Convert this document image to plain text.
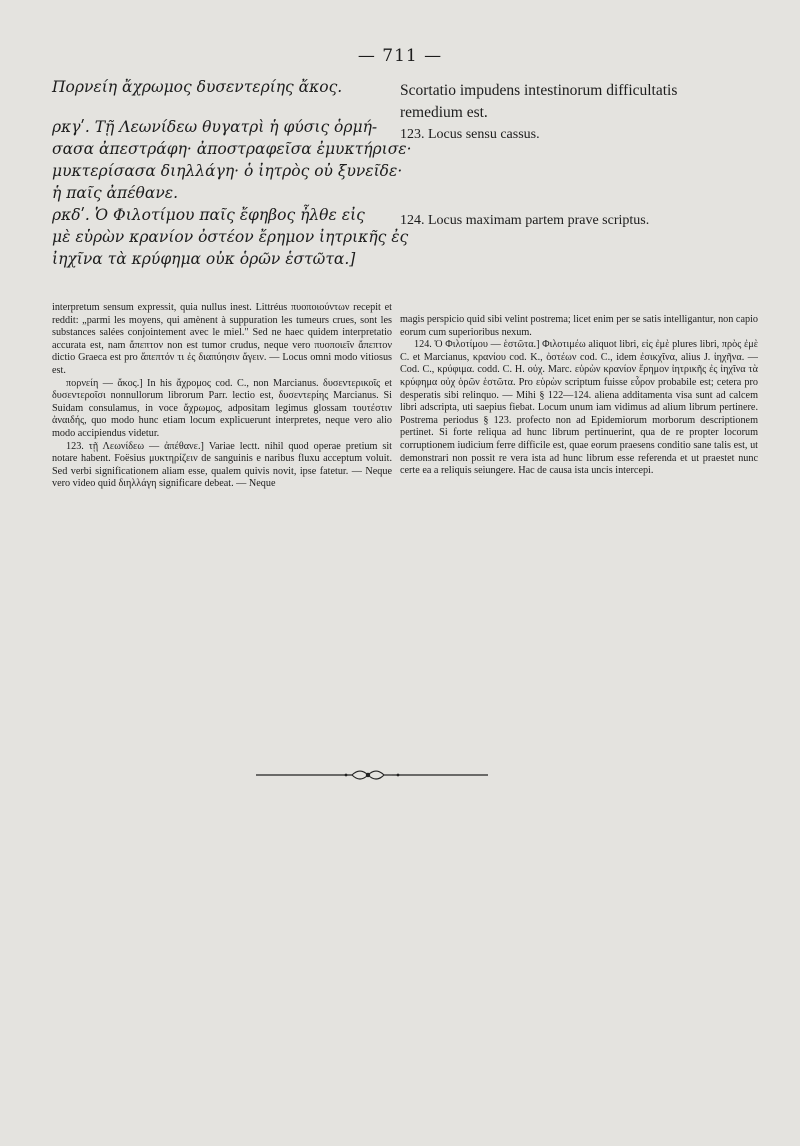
— 711 —
Πορνείη ἄχρωμος δυσεντερίης ἄκος.
ρκγʹ. Τῇ Λεωνίδεω θυγατρὶ ἡ φύσις ὁρμή-
σασα ἀπεστράφη· ἀποστραφεῖσα ἐμυκτήρισε·
μυκτερίσασα διηλλάγη· ὁ ἰητρὸς οὐ ξυνεῖδε·
ἡ παῖς ἀπέθανε.
ρκδʹ. Ὁ Φιλοτίμου παῖς ἔφηβος ἦλθε εἰς
μὲ εὑρὼν κρανίον ὀστέον ἔρημον ἰητρικῆς ἐς
ἰηχῖνα τὰ κρύφημα οὐκ ὁρῶν ἑστῶτα.]

interpretum sensum expressit, quia nullus inest. Littréus πυοποιούντων recepit et reddit: „parmi les moyens, qui amènent à suppuration les tumeurs crues, sont les substances salées conjointement avec le miel." Sed ne haec quidem interpretatio accurata est, nam ἄπεπτον non est tumor crudus, neque vero πυοποιεῖν ἄπεπτον dictio Graeca est pro ἄπεπτόν τι ἐς διαπύησιν ἄγειν. — Locus omni modo vitiosus est.

πορνείη — ἄκος.] In his ἄχρομος cod. C., non Marcianus. δυσεντερικοῖς et δυσεντεροῖσι nonnullorum librorum Parr. lectio est, δυσεντερίης Marcianus. Si Suidam consulamus, in voce ἄχρωμος, adpositam legimus glossam τουτέστιν ἀναιδής, quo modo hunc etiam locum explicuerunt interpretes, neque vero alio modo accipiendus videtur.

123. τῇ Λεωνίδεω — ἀπέθανε.] Variae lectt. nihil quod operae pretium sit notare habent. Foësius μυκτηρίζειν de sanguinis e naribus fluxu acceptum voluit. Sed verbi significationem aliam esse, qualem quivis novit, ipse fatetur. — Neque vero video quid διηλλάγη significare debeat. — Neque

Scortatio impudens intestinorum difficultatis
remedium est.
123. Locus sensu cassus.
124. Locus maximam partem prave scriptus.

magis perspicio quid sibi velint postrema; licet enim per se satis intelligantur, non capio eorum cum superioribus nexum.

124. Ὁ Φιλοτίμου — ἑστῶτα.] Φιλοτιμέω aliquot libri, εἰς ἐμὲ plures libri, πρὸς ἐμὲ C. et Marcianus, κρανίου cod. K., ὀστέων cod. C., idem ἐσικχῖνα, alius J. ἰηχῆνα. — Cod. C., κρύφιμα. codd. C. H. οὐχ. Marc. εὑρὼν κρανίον ἔρημον ἰητρικῆς ἐς ἰηχῖνα τὰ κρύφημα οὐχ ὁρῶν ἑστῶτα. Pro εὑρὼν scriptum fuisse εὗρον probabile est; cetera pro desperatis sibi relinquo. — Mihi § 122—124. aliena additamenta visa sunt ad calcem libri adscripta, uti saepius fiebat. Locum unum iam vidimus ad alium librum pertinere. Postrema periodus § 123. profecto non ad Epidemiorum morborum descriptionem pertinet. Si forte reliqua ad hunc librum pertinuerint, qua de re propter locorum corruptionem iudicium ferre difficile est, quae eorum praesens conditio sane talis est, ut demonstrari non possit re vera ista ad hunc librum esse referenda et ut praestet nunc certe ea a reliquis seiungere. Hac de causa ista uncis intercepi.
